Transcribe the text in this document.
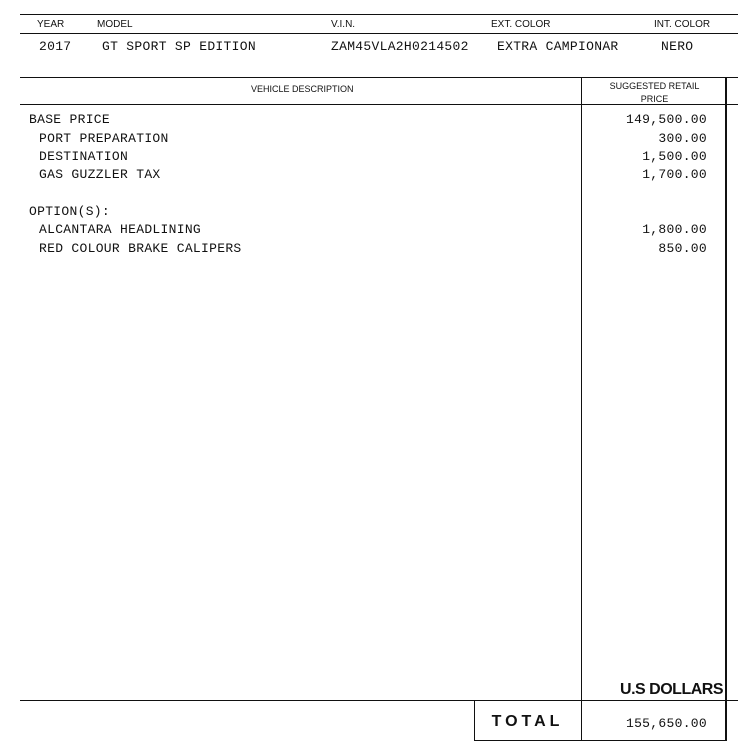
YEAR	MODEL	V.I.N.	EXT. COLOR	INT. COLOR
2017 GT SPORT SP EDITION	ZAM45VLA2H0214502 EXTRA CAMPIONAR	NERO
VEHICLE DESCRIPTION	SUGGESTED RETAIL
PRICE
BASE PRICE	149,500.00
PORT PREPARATION	300.00
DESTINATION	1,500.00
GAS GUZZLER TAX	1,700.00
OPTION(S):
ALCANTARA HEADLINING	1,800.00
RED COLOUR BRAKE CALIPERS	850.00
U.S DOLLARS
TOTAL	155,650.00
